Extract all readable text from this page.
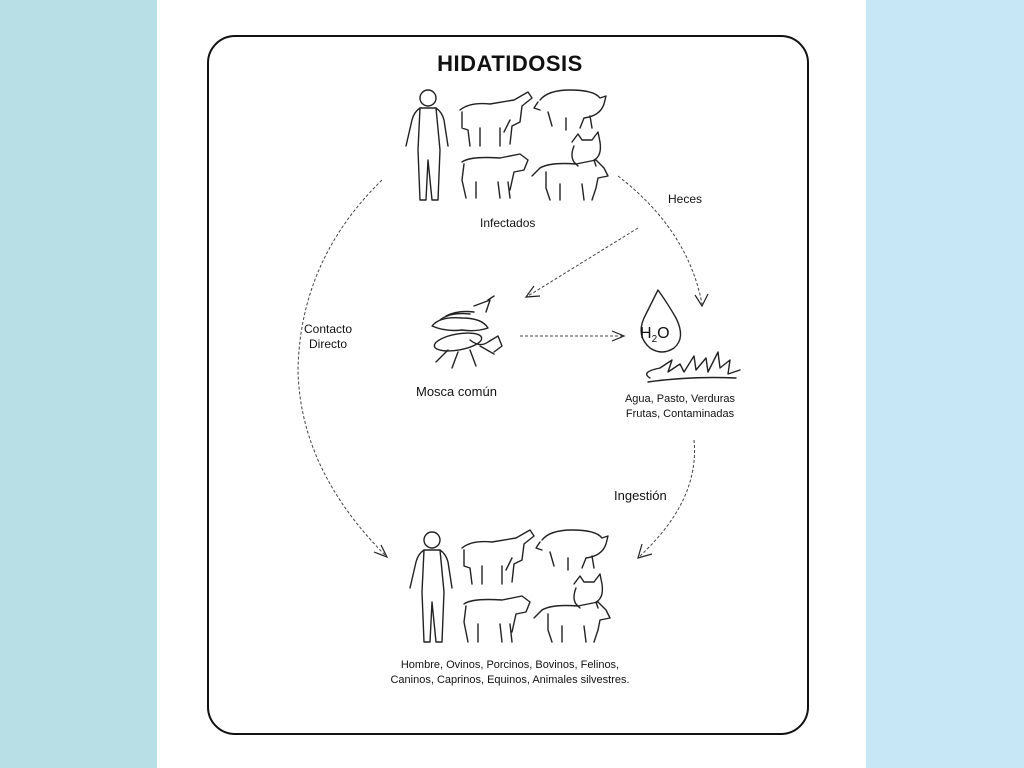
HIDATIDOSIS
Infectados
Heces
Contacto
Directo
Mosca común
$H_2O$
Agua, Pasto, Verduras
Frutas, Contaminadas
Ingestión
Hombre, Ovinos, Porcinos, Bovinos, Felinos,
Caninos, Caprinos, Equinos, Animales silvestres.
